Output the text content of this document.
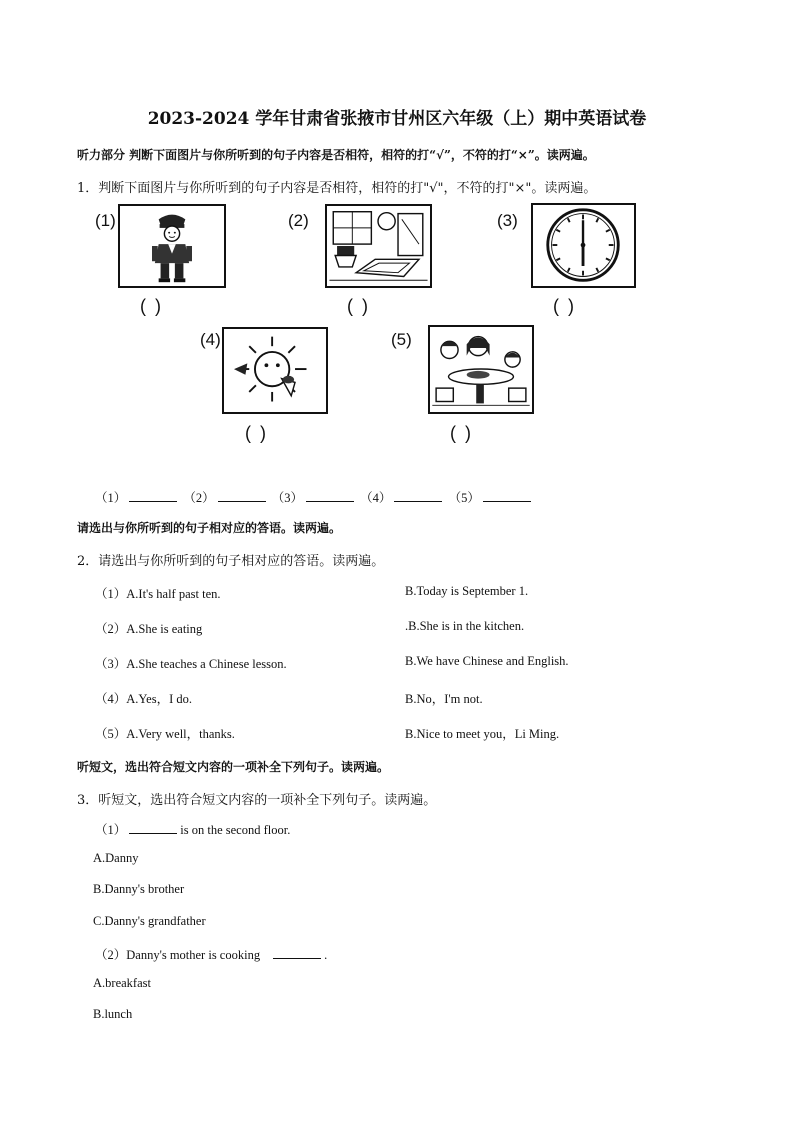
2023-2024 学年甘肃省张掖市甘州区六年级（上）期中英语试卷
听力部分 判断下面图片与你所听到的句子内容是否相符，相符的打“√”，不符的打“×”。读两遍。
1．判断下面图片与你所听到的句子内容是否相符，相符的打"√"，不符的打"×"。读两遍。
(1)
( )
(2)
( )
(3)
( )
(4)
( )
(5)
( )
（1）	（2）	（3）	（4）	（5）
请选出与你所听到的句子相对应的答语。读两遍。
2．请选出与你所听到的句子相对应的答语。读两遍。
（1）A.It's half past ten.	B.Today is September 1.
（2）A.She is eating	.B.She is in the kitchen.
（3）A.She teaches a Chinese lesson.	B.We have Chinese and English.
（4）A.Yes，I do.	B.No，I'm not.
（5）A.Very well，thanks.	B.Nice to meet you，Li Ming.
听短文，选出符合短文内容的一项补全下列句子。读两遍。
3．听短文，选出符合短文内容的一项补全下列句子。读两遍。
（1）	is on the second floor.
A.Danny
B.Danny's brother
C.Danny's grandfather
（2）Danny's mother is cooking	.
A.breakfast
B.lunch
